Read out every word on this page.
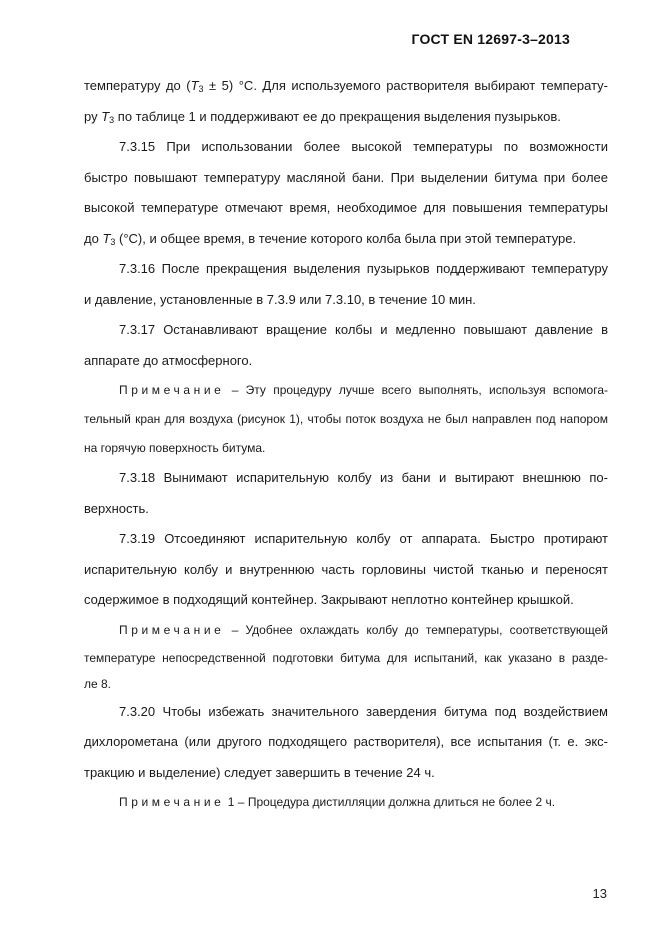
ГОСТ EN 12697-3–2013
температуру до $(T_3 \pm 5)$ °С. Для используемого растворителя выбирают температу-
ру $T_3$ по таблице 1 и поддерживают ее до прекращения выделения пузырьков.
7.3.15 При использовании более высокой температуры по возможности
быстро повышают температуру масляной бани. При выделении битума при более
высокой температуре отмечают время, необходимое для повышения температуры
до $T_3$ (°С), и общее время, в течение которого колба была при этой температуре.
7.3.16 После прекращения выделения пузырьков поддерживают температуру
и давление, установленные в 7.3.9 или 7.3.10, в течение 10 мин.
7.3.17 Останавливают вращение колбы и медленно повышают давление в
аппарате до атмосферного.
Примечание – Эту процедуру лучше всего выполнять, используя вспомога-
тельный кран для воздуха (рисунок 1), чтобы поток воздуха не был направлен под напором
на горячую поверхность битума.
7.3.18 Вынимают испарительную колбу из бани и вытирают внешнюю по-
верхность.
7.3.19 Отсоединяют испарительную колбу от аппарата. Быстро протирают
испарительную колбу и внутреннюю часть горловины чистой тканью и переносят
содержимое в подходящий контейнер. Закрывают неплотно контейнер крышкой.
Примечание – Удобнее охлаждать колбу до температуры, соответствующей
температуре непосредственной подготовки битума для испытаний, как указано в разде-
ле 8.
7.3.20 Чтобы избежать значительного завердения битума под воздействием
дихлорометана (или другого подходящего растворителя), все испытания (т. е. экс-
тракцию и выделение) следует завершить в течение 24 ч.
Примечание 1 – Процедура дистилляции должна длиться не более 2 ч.
13
